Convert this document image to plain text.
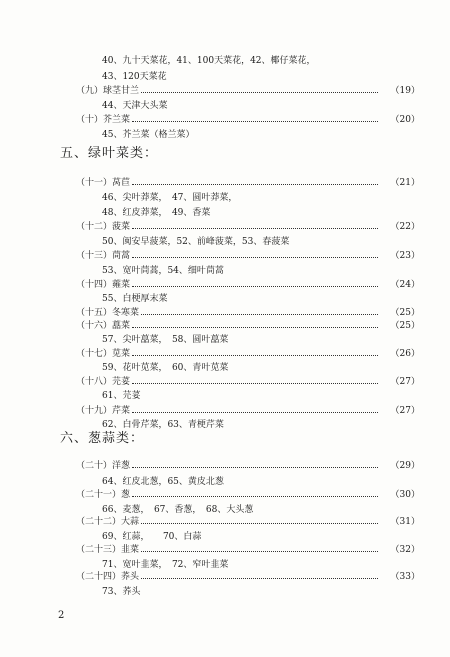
五、绿叶菜类：
六、葱蒜类：
40、九十天菜花，41、100天菜花，42、椰仔菜花，
43、120天菜花
（九）球茎甘兰	（19）
44、天津大头菜
（十）芥兰菜	（20）
45、芥兰菜（格兰菜）
（十一）莴苣	（21）
46、尖叶莽菜，　47、圆叶莽菜，
48、红皮莽菜，　49、香菜
（十二）菠菜	（22）
50、闽安早菠菜，52、前峰菠菜，53、春菠菜
（十三）茼蒿	（23）
53、宽叶茼蒿，54、细叶茼蒿
（十四）蕹菜	（24）
55、白梗厚末菜
（十五）冬寒菜	（25）
（十六）藠菜	（25）
57、尖叶藠菜，　58、圆叶藠菜
（十七）苋菜	（26）
59、花叶苋菜，　60、青叶苋菜
（十八）芫荽	（27）
61、芫荽
（十九）芹菜	（27）
62、白骨芹菜，63、青梗芹菜
（二十）洋葱	（29）
64、红皮北葱，65、黄皮北葱
（二十一）葱	（30）
66、麦葱，　67、香葱，　68、大头葱
（二十二）大蒜	（31）
69、红蒜，　　70、白蒜
（二十三）韭菜	（32）
71、宽叶韭菜，　72、窄叶韭菜
（二十四）荞头	（33）
73、荞头
2
